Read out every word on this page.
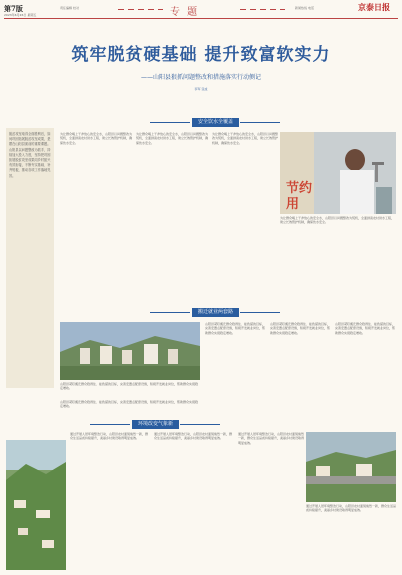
第7版
2023年6月26日 星期五
责任编辑 校对	专 题	新闻热线 电话	京泰日报
筑牢脱贫硬基础 提升致富软实力
——山阳县狠抓问题整改和措施落实行动侧记
李军 张成
脱贫攻坚取得全面胜利后，如何巩固拓展脱贫攻坚成果，是摆在山阳县面前的重要课题。山阳县以问题整改为抓手，持续加大投入力度，坚持把巩固拓展脱贫攻坚成果同乡村振兴有效衔接，不断夯实基础、补齐短板，推动各项工作落地见效。
安全饮水全覆盖
为让群众喝上干净放心的安全水，山阳县以问题整改为契机，全面排查农村供水工程，建立长效管护机制，确保饮水安全。
为让群众喝上干净放心的安全水，山阳县以问题整改为契机，全面排查农村供水工程，建立长效管护机制，确保饮水安全。
为让群众喝上干净放心的安全水，山阳县以问题整改为契机，全面排查农村供水工程，建立长效管护机制，确保饮水安全。
节约
用
为让群众喝上干净放心的安全水，山阳县以问题整改为契机，全面排查农村供水工程，建立长效管护机制，确保饮水安全。
搬迁就业两套路
山阳县紧盯搬迁群众稳得住、能致富的目标，完善安置点配套设施，积极开发就业岗位，帮助群众实现稳定增收。
山阳县紧盯搬迁群众稳得住、能致富的目标，完善安置点配套设施，积极开发就业岗位，帮助群众实现稳定增收。
山阳县紧盯搬迁群众稳得住、能致富的目标，完善安置点配套设施，积极开发就业岗位，帮助群众实现稳定增收。
山阳县紧盯搬迁群众稳得住、能致富的目标，完善安置点配套设施，积极开发就业岗位，帮助群众实现稳定增收。
山阳县紧盯搬迁群众稳得住、能致富的目标，完善安置点配套设施，积极开发就业岗位，帮助群众实现稳定增收。
环境改变气象新
通过开展人居环境整治行动，山阳县农村面貌焕然一新，群众生活品质持续提升，美丽乡村建设取得明显成效。
通过开展人居环境整治行动，山阳县农村面貌焕然一新，群众生活品质持续提升，美丽乡村建设取得明显成效。
通过开展人居环境整治行动，山阳县农村面貌焕然一新，群众生活品质持续提升，美丽乡村建设取得明显成效。
通过开展人居环境整治行动，山阳县农村面貌焕然一新，群众生活品质持续提升，美丽乡村建设取得明显成效。
